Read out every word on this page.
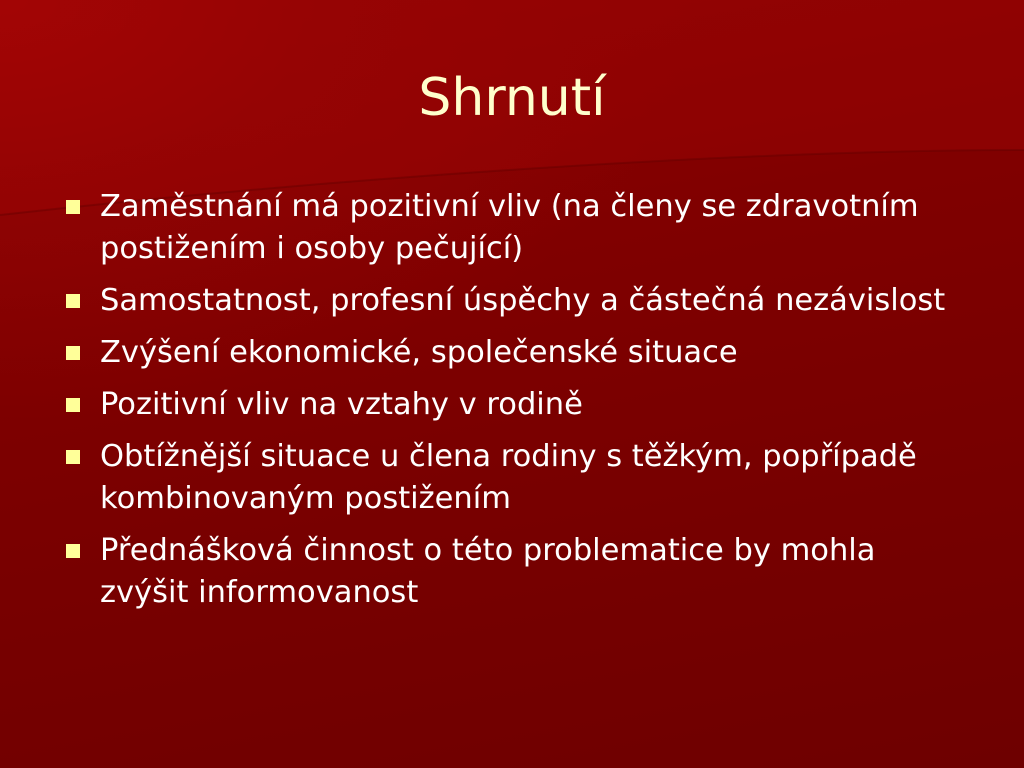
Shrnutí
Zaměstnání má pozitivní vliv (na členy se zdravotním postižením i osoby pečující)
Samostatnost, profesní úspěchy a částečná nezávislost
Zvýšení ekonomické, společenské situace
Pozitivní vliv na vztahy v rodině
Obtížnější situace u člena rodiny s těžkým, popřípadě kombinovaným postižením
Přednášková činnost o této problematice by mohla zvýšit informovanost
